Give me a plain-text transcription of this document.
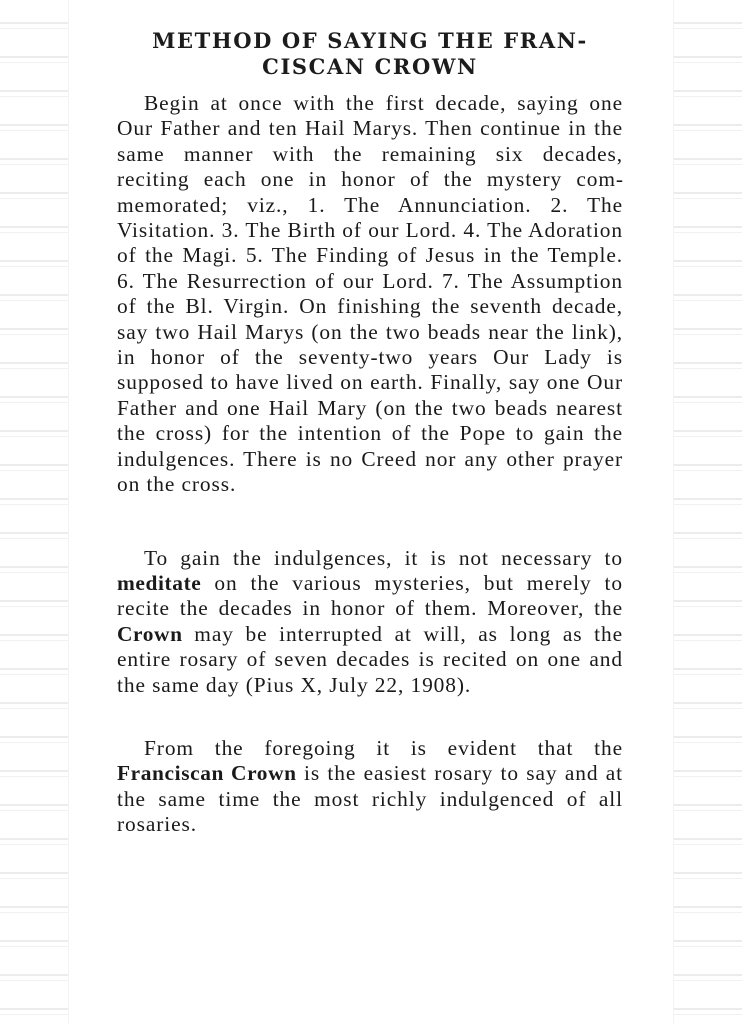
METHOD OF SAYING THE FRAN-
CISCAN CROWN

Begin at once with the first decade, saying one Our Father and ten Hail Marys. Then continue in the same manner with the remaining six decades, reciting each one in honor of the mystery commemorated; viz., 1. The Annunciation. 2. The Visitation. 3. The Birth of our Lord. 4. The Adoration of the Magi. 5. The Finding of Jesus in the Temple. 6. The Resurrection of our Lord. 7. The Assumption of the Bl. Virgin. On finishing the seventh decade, say two Hail Marys (on the two beads near the link), in honor of the seventy-two years Our Lady is supposed to have lived on earth. Finally, say one Our Father and one Hail Mary (on the two beads nearest the cross) for the intention of the Pope to gain the indulgences. There is no Creed nor any other prayer on the cross.

To gain the indulgences, it is not necessary to meditate on the various mysteries, but merely to recite the decades in honor of them. Moreover, the Crown may be interrupted at will, as long as the entire rosary of seven decades is recited on one and the same day (Pius X, July 22, 1908).

From the foregoing it is evident that the Franciscan Crown is the easiest rosary to say and at the same time the most richly indulgenced of all rosaries.
